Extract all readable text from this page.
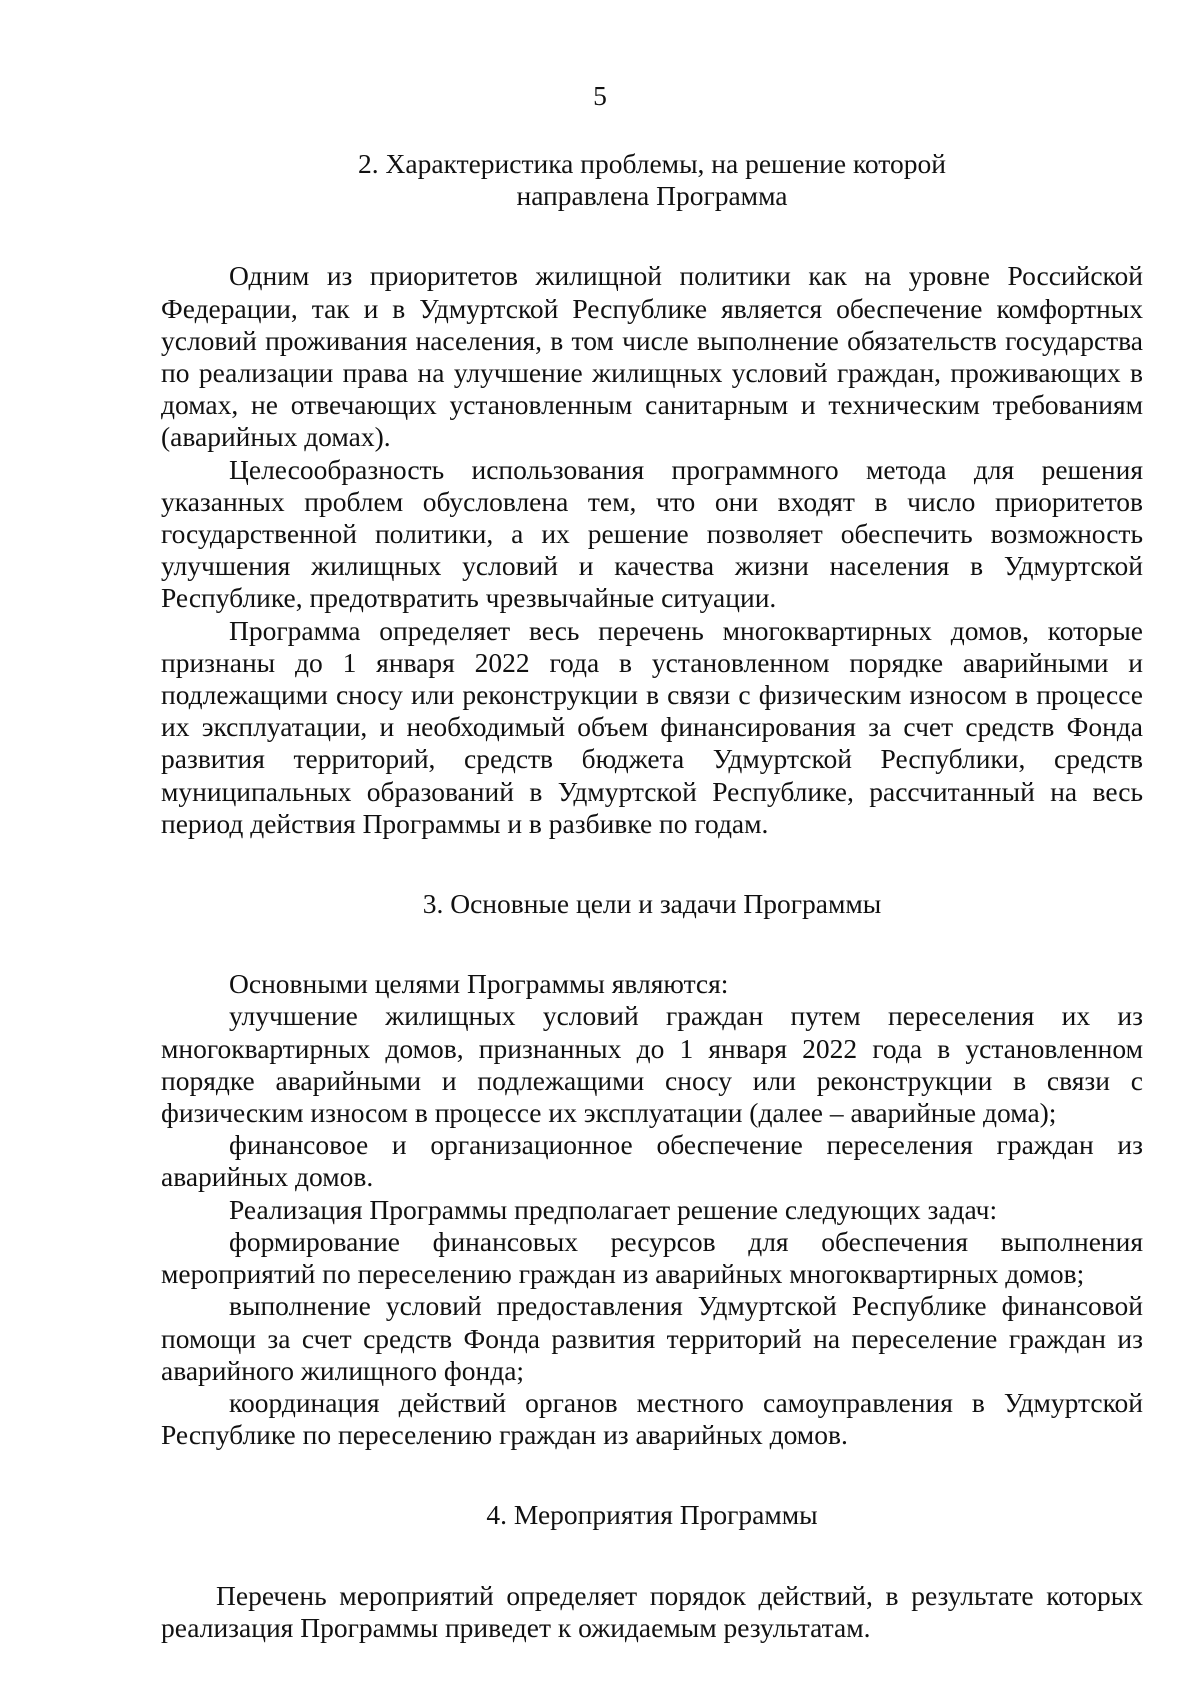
5
2. Характеристика проблемы, на решение которой
направлена Программа

Одним из приоритетов жилищной политики как на уровне Российской Федерации, так и в Удмуртской Республике является обеспечение комфортных условий проживания населения, в том числе выполнение обязательств государства по реализации права на улучшение жилищных условий граждан, проживающих в домах, не отвечающих установленным санитарным и техническим требованиям (аварийных домах).

Целесообразность использования программного метода для решения указанных проблем обусловлена тем, что они входят в число приоритетов государственной политики, а их решение позволяет обеспечить возможность улучшения жилищных условий и качества жизни населения в Удмуртской Республике, предотвратить чрезвычайные ситуации.

Программа определяет весь перечень многоквартирных домов, которые признаны до 1 января 2022 года в установленном порядке аварийными и подлежащими сносу или реконструкции в связи с физическим износом в процессе их эксплуатации, и необходимый объем финансирования за счет средств Фонда развития территорий, средств бюджета Удмуртской Республики, средств муниципальных образований в Удмуртской Республике, рассчитанный на весь период действия Программы и в разбивке по годам.

3. Основные цели и задачи Программы

Основными целями Программы являются:

улучшение жилищных условий граждан путем переселения их из многоквартирных домов, признанных до 1 января 2022 года в установленном порядке аварийными и подлежащими сносу или реконструкции в связи с физическим износом в процессе их эксплуатации (далее – аварийные дома);

финансовое и организационное обеспечение переселения граждан из аварийных домов.

Реализация Программы предполагает решение следующих задач:

формирование финансовых ресурсов для обеспечения выполнения мероприятий по переселению граждан из аварийных многоквартирных домов;

выполнение условий предоставления Удмуртской Республике финансовой помощи за счет средств Фонда развития территорий на переселение граждан из аварийного жилищного фонда;

координация действий органов местного самоуправления в Удмуртской Республике по переселению граждан из аварийных домов.

4. Мероприятия Программы

Перечень мероприятий определяет порядок действий, в результате которых реализация Программы приведет к ожидаемым результатам.
